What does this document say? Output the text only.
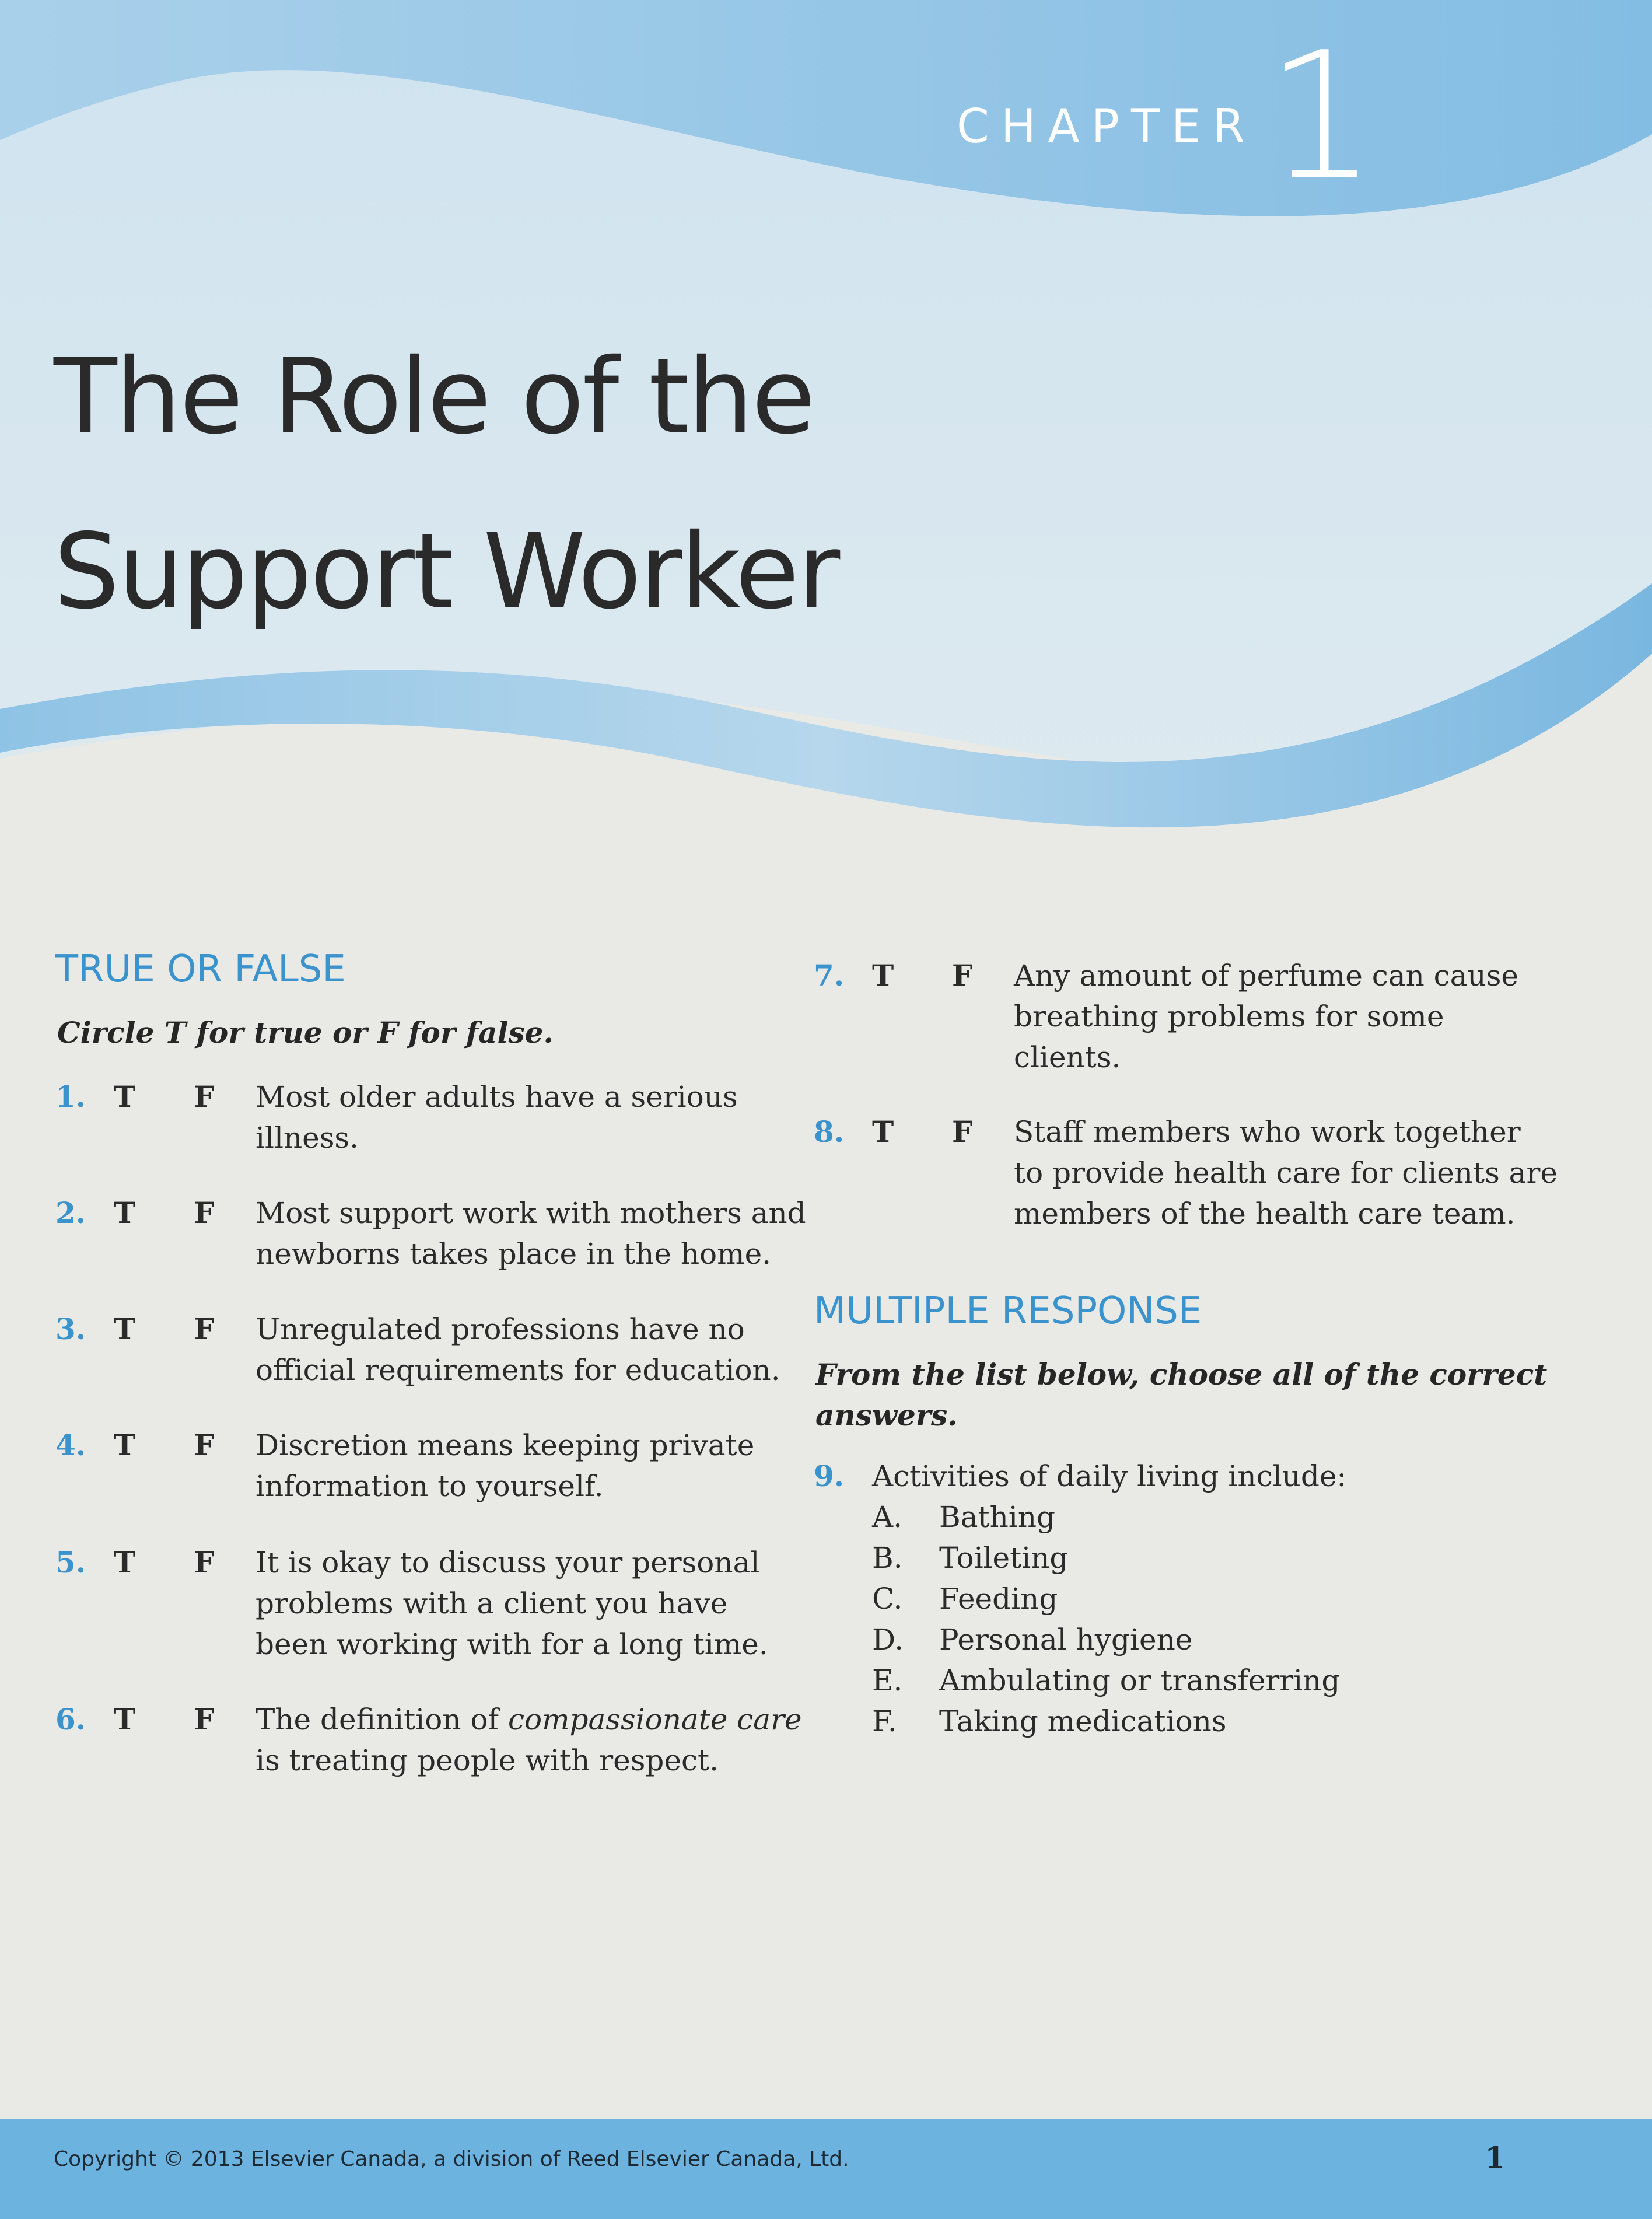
CHAPTER 1
The Role of the
Support Worker
TRUE OR FALSE

Circle T for true or F for false.

1. T F Most older adults have a serious
illness.
2. T F Most support work with mothers and
newborns takes place in the home.
3. T F Unregulated professions have no
official requirements for education.
4. T F Discretion means keeping private
information to yourself.
5. T F It is okay to discuss your personal
problems with a client you have
been working with for a long time.
6. T F The definition of compassionate care
is treating people with respect.
7. T F Any amount of perfume can cause
breathing problems for some
clients.
8. T F Staff members who work together
to provide health care for clients are
members of the health care team.
MULTIPLE RESPONSE

From the list below, choose all of the correct

answers.

9. Activities of daily living include:
A. Bathing
B. Toileting
C. Feeding
D. Personal hygiene
E. Ambulating or transferring
F. Taking medications
Copyright © 2013 Elsevier Canada, a division of Reed Elsevier Canada, Ltd.	1
